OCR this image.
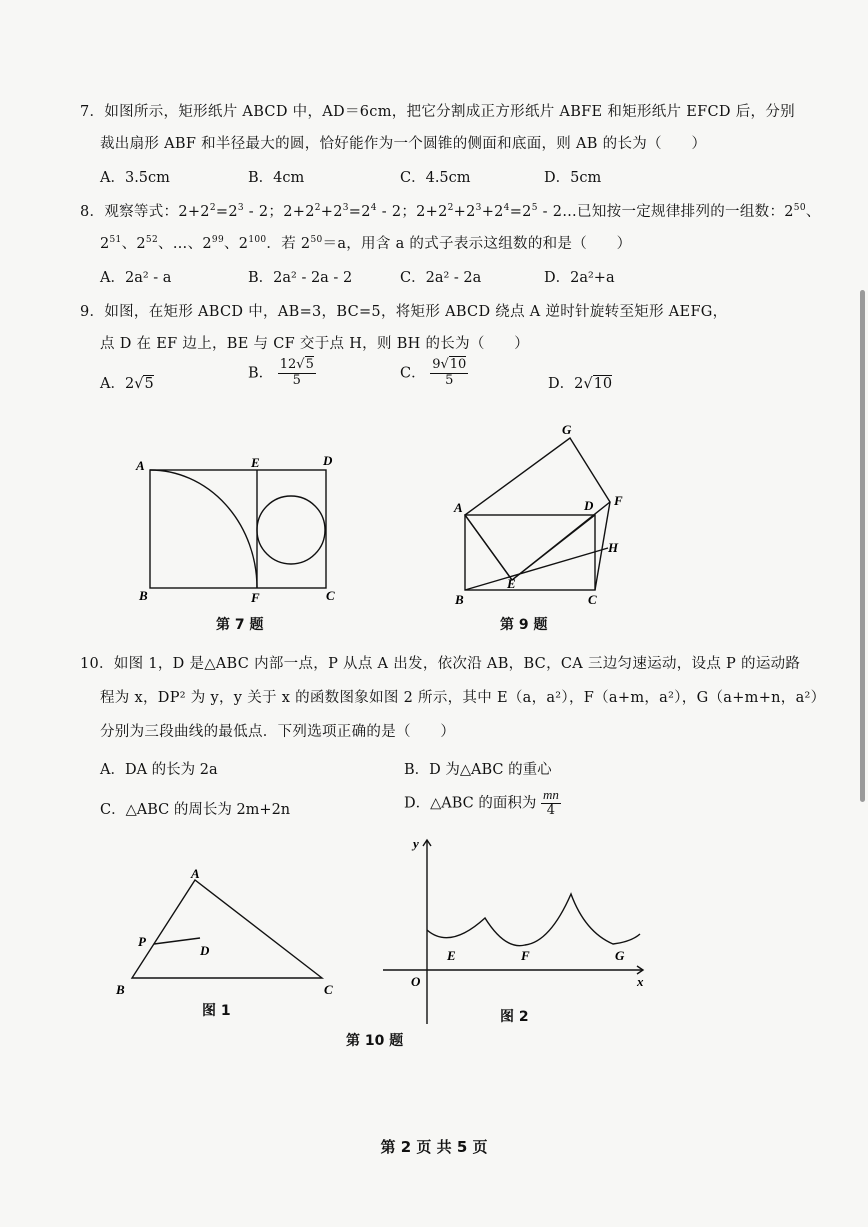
7．如图所示，矩形纸片 ABCD 中，AD＝6cm，把它分割成正方形纸片 ABFE 和矩形纸片 EFCD 后，分别
裁出扇形 ABF 和半径最大的圆，恰好能作为一个圆锥的侧面和底面，则 AB 的长为（　　）
A．3.5cm	B．4cm	C．4.5cm	D．5cm
8．观察等式：$2+2^2=2^3 - 2$；$2+2^2+2^3=2^4 - 2$；$2+2^2+2^3+2^4=2^5$ - 2…已知按一定规律排列的一组数：$2^{50}$、
$2^{51}$、$2^{52}$、…、$2^{99}$、$2^{100}$．若 $2^{50}=a$，用含 a 的式子表示这组数的和是（　　）
A．2a² - a	B．2a² - 2a - 2	C．2a² - 2a	D．2a²+a
9．如图，在矩形 ABCD 中，AB=3，BC=5，将矩形 ABCD 绕点 A 逆时针旋转至矩形 AEFG，
点 D 在 EF 边上，BE 与 CF 交于点 H，则 BH 的长为（　　）
A．2√5
B． $\frac{12√5}{5}$	C． $\frac{9√10}{5}$	D．2√10
A	E	D
B	F	C
第 7 题
G
A	D F
H
E
B	C
第 9 题
10．如图 1，D 是△ABC 内部一点，P 从点 A 出发，依次沿 AB，BC，CA 三边匀速运动，设点 P 的运动路
程为 x，DP² 为 y，y 关于 x 的函数图象如图 2 所示，其中 E（a，a²），F（a+m，a²），G（a+m+n，a²）
分别为三段曲线的最低点．下列选项正确的是（　　）
A．DA 的长为 2a	B．D 为△ABC 的重心
C．△ABC 的周长为 2m+2n	D．△ABC 的面积为 $\frac{mn}{4}$
A
P
D
B	C
图 1
y
O
E	F	G
x
图 2
第 10 题
第 2 页 共 5 页
